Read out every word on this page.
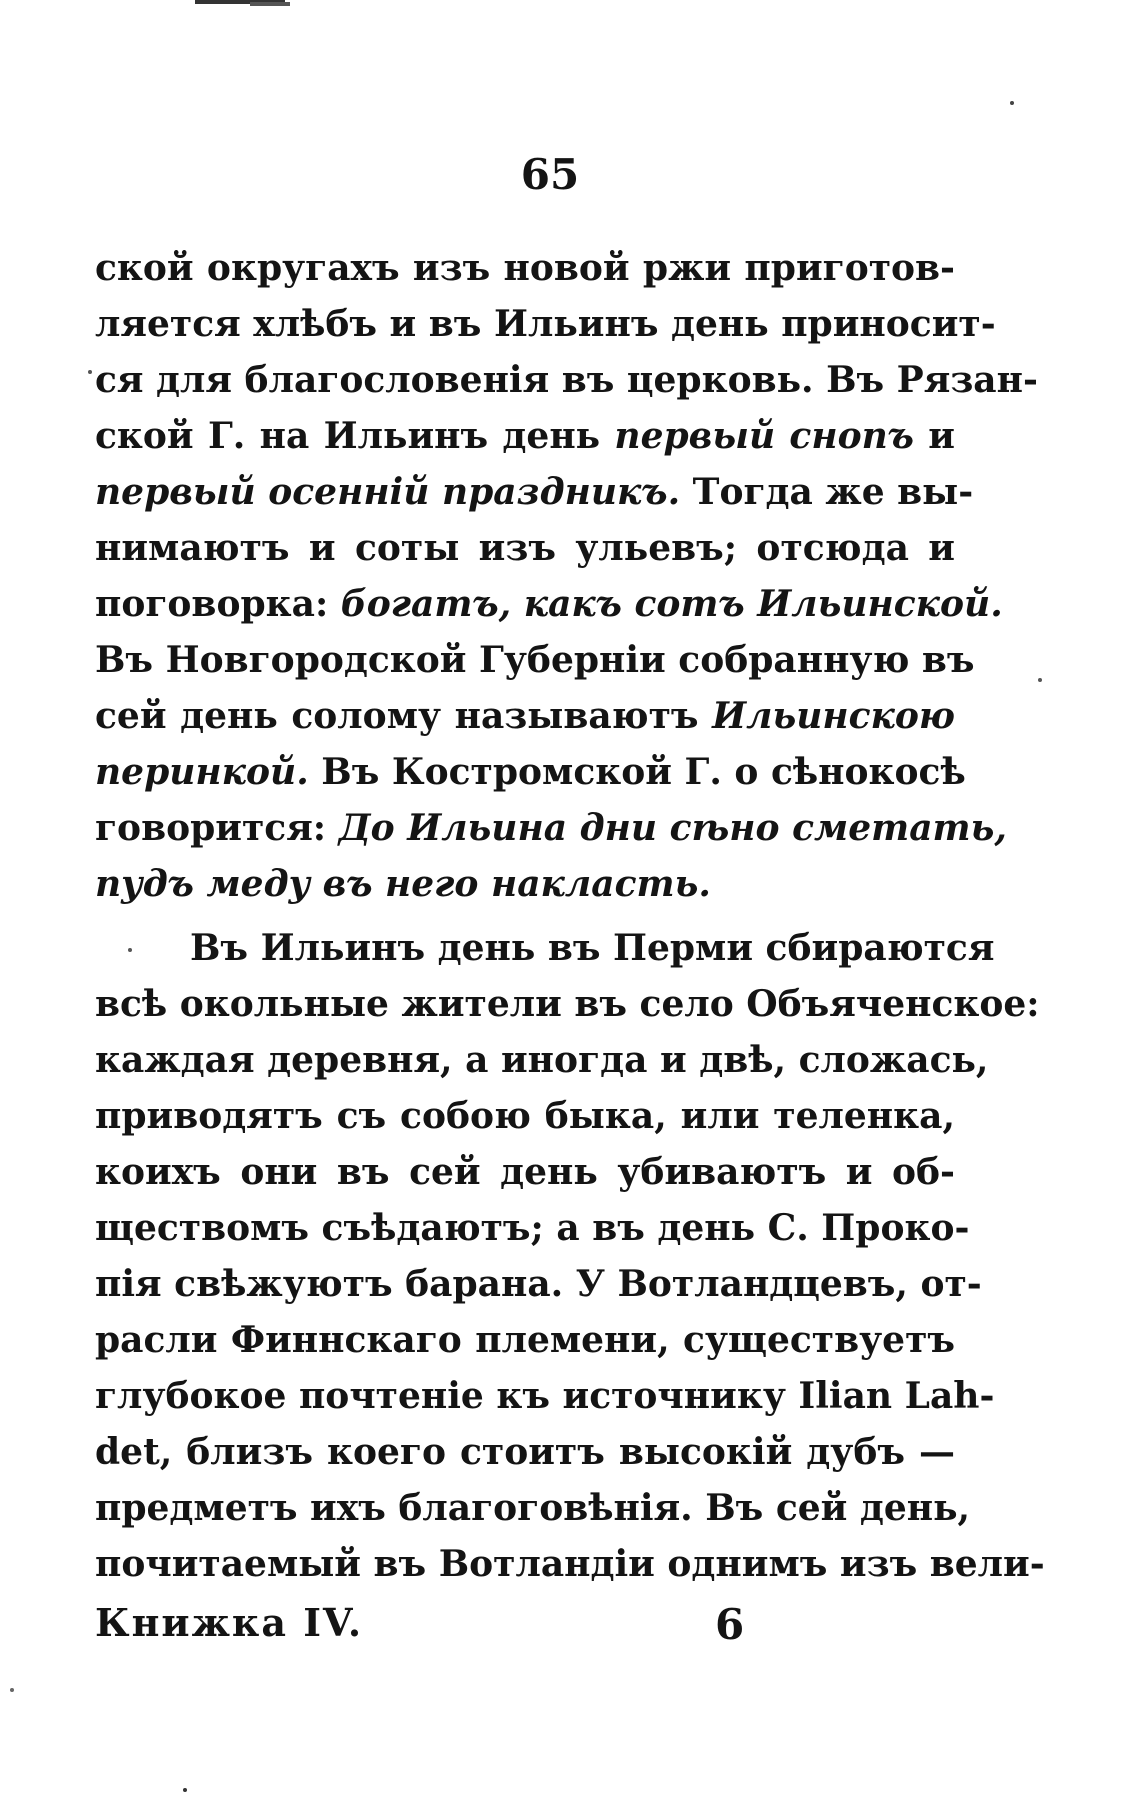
65
ской округахъ изъ новой ржи приготов-
ляется хлѣбъ и въ Ильинъ день приносит-
ся для благословенія въ церковь. Въ Рязан-
ской Г. на Ильинъ день первый снопъ и
первый осенній праздникъ. Тогда же вы-
нимаютъ и соты изъ ульевъ; отсюда и
поговорка: богатъ, какъ сотъ Ильинской.
Въ Новгородской Губерніи собранную въ
сей день солому называютъ Ильинскою
перинкой. Въ Костромской Г. о сѣнокосѣ
говорится: До Ильина дни сѣно сметать,
пудъ меду въ него накласть.
Въ Ильинъ день въ Перми сбираются
всѣ окольные жители въ село Объяченское:
каждая деревня, а иногда и двѣ, сложась,
приводятъ съ собою быка, или теленка,
коихъ они въ сей день убиваютъ и об-
ществомъ съѣдаютъ; а въ день С. Проко-
пія свѣжуютъ барана. У Вотландцевъ, от-
расли Финнскаго племени, существуетъ
глубокое почтеніе къ источнику Ilian Lah-
det, близъ коего стоитъ высокій дубъ —
предметъ ихъ благоговѣнія. Въ сей день,
почитаемый въ Вотландіи однимъ изъ вели-
Книжка IV.	6
